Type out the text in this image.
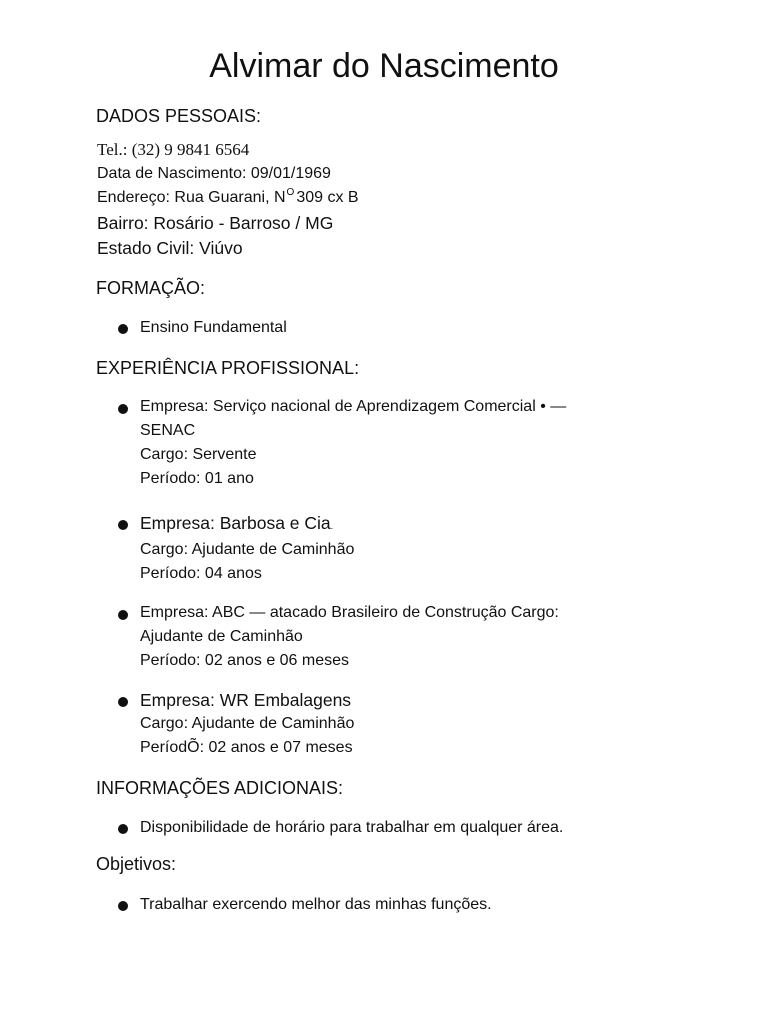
Alvimar do Nascimento
DADOS PESSOAIS:
Tel.: (32) 9 9841 6564
Data de Nascimento: 09/01/1969
Endereço: Rua Guarani, $N^O$ 309 cx B
Bairro: Rosário - Barroso / MG
Estado Civil: Viúvo
FORMAÇÃO:
Ensino Fundamental
EXPERIÊNCIA PROFISSIONAL:
Empresa: Serviço nacional de Aprendizagem Comercial • —
SENAC
Cargo: Servente
Período: 01 ano
Empresa: Barbosa e Cia.
Cargo: Ajudante de Caminhão
Período: 04 anos
Empresa: ABC — atacado Brasileiro de Construção Cargo:
Ajudante de Caminhão
Período: 02 anos e 06 meses
Empresa: WR Embalagens
Cargo: Ajudante de Caminhão
PeríodÕ: 02 anos e 07 meses
INFORMAÇÕES ADICIONAIS:
Disponibilidade de horário para trabalhar em qualquer área.
Objetivos:
Trabalhar exercendo melhor das minhas funções.
